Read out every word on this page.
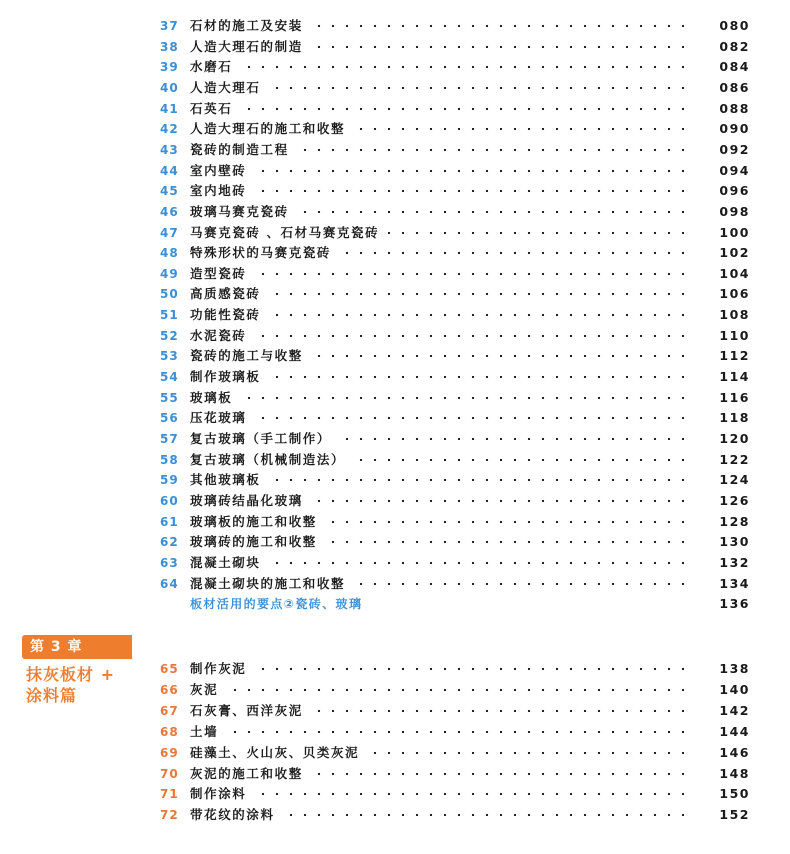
37 石材的施工及安装	080
38 人造大理石的制造	082
39 水磨石	084
40 人造大理石	086
41 石英石	088
42 人造大理石的施工和收整	090
43 瓷砖的制造工程	092
44 室内壁砖	094
45 室内地砖	096
46 玻璃马赛克瓷砖	098
47 马赛克瓷砖 、石材马赛克瓷砖	100
48 特殊形状的马赛克瓷砖	102
49 造型瓷砖	104
50 高质感瓷砖	106
51 功能性瓷砖	108
52 水泥瓷砖	110
53 瓷砖的施工与收整	112
54 制作玻璃板	114
55 玻璃板	116
56 压花玻璃	118
57 复古玻璃（手工制作）	120
58 复古玻璃（机械制造法）	122
59 其他玻璃板	124
60 玻璃砖结晶化玻璃	126
61 玻璃板的施工和收整	128
62 玻璃砖的施工和收整	130
63 混凝土砌块	132
64 混凝土砌块的施工和收整	134
板材活用的要点②瓷砖、玻璃	136
65 制作灰泥	138
66 灰泥	140
67 石灰膏、西洋灰泥	142
68 土墙	144
69 硅藻土、火山灰、贝类灰泥	146
70 灰泥的施工和收整	148
71 制作涂料	150
72 带花纹的涂料	152
第 3 章
抹灰板材 +
涂料篇
